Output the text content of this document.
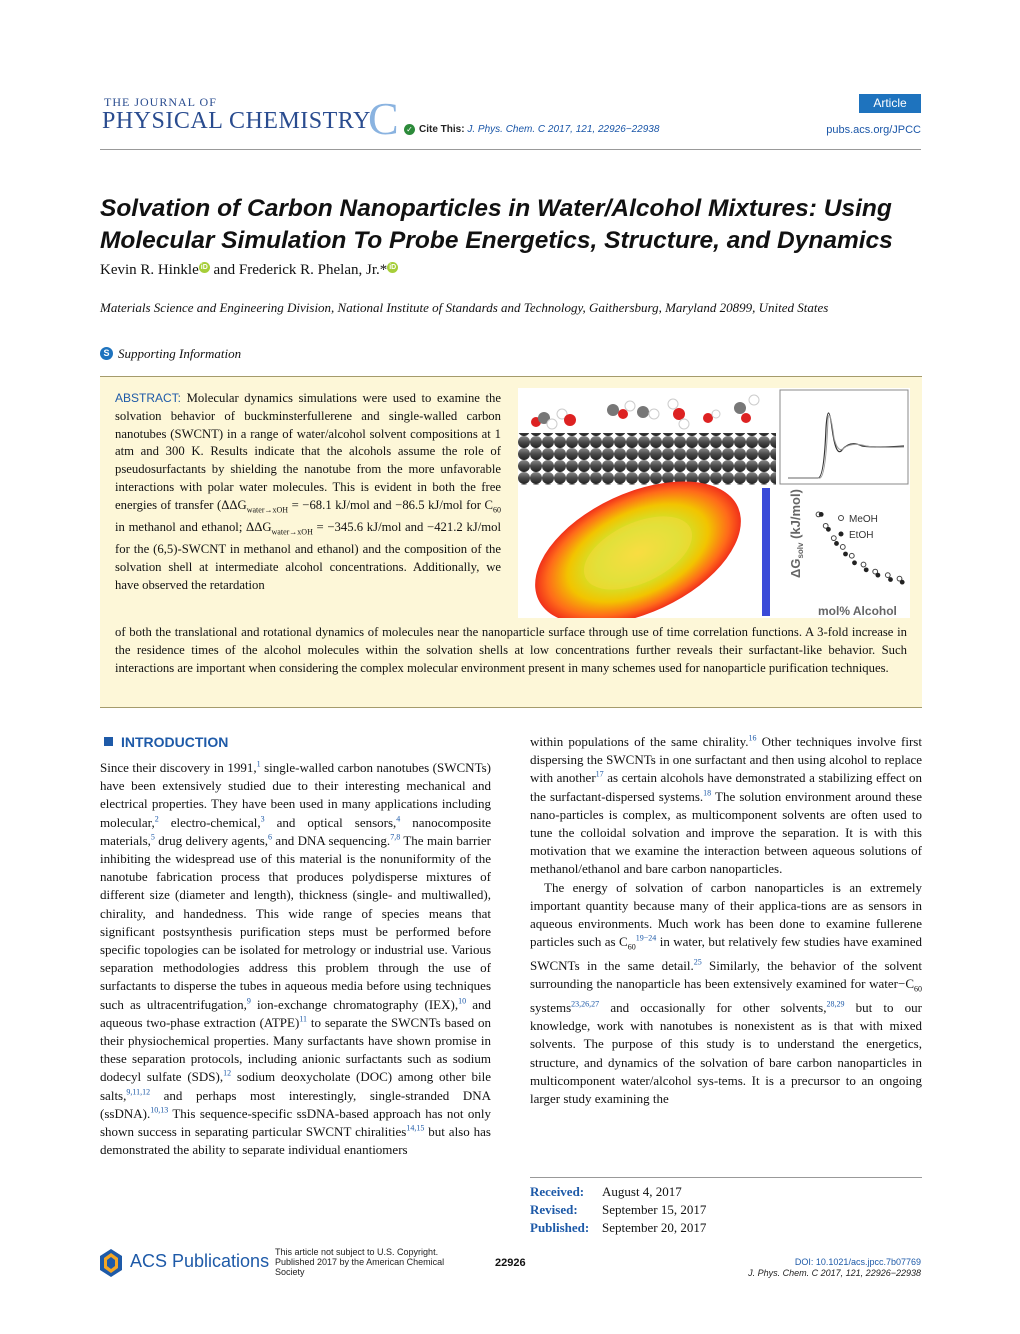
THE JOURNAL OF
PHYSICAL CHEMISTRY
C	Article
✓ Cite This: J. Phys. Chem. C 2017, 121, 22926−22938	pubs.acs.org/JPCC
Solvation of Carbon Nanoparticles in Water/Alcohol Mixtures: Using Molecular Simulation To Probe Energetics, Structure, and Dynamics
Kevin R. Hinkle iD and Frederick R. Phelan, Jr.* iD
Materials Science and Engineering Division, National Institute of Standards and Technology, Gaithersburg, Maryland 20899, United States
S Supporting Information
ABSTRACT: Molecular dynamics simulations were used to examine the solvation behavior of buckminsterfullerene and single-walled carbon nanotubes (SWCNT) in a range of water/alcohol solvent compositions at 1 atm and 300 K. Results indicate that the alcohols assume the role of pseudosurfactants by shielding the nanotube from the more unfavorable interactions with polar water molecules. This is evident in both the free energies of transfer ($\Delta\Delta G_{water\to xOH} = -68.1$ kJ/mol and −86.5 kJ/mol for $C_{60}$ in methanol and ethanol; $\Delta\Delta G_{water\to xOH} = -345.6$ kJ/mol and −421.2 kJ/mol for the (6,5)-SWCNT in methanol and ethanol) and the composition of the solvation shell at intermediate alcohol concentrations. Additionally, we have observed the retardation
of both the translational and rotational dynamics of molecules near the nanoparticle surface through use of time correlation functions. A 3-fold increase in the residence times of the alcohol molecules within the solvation shells at low concentrations further reveals their surfactant-like behavior. Such interactions are important when considering the complex molecular environment present in many schemes used for nanoparticle purification techniques.
$\Delta G_{solv}$ (kJ/mol)	MeOH
EtOH
mol% Alcohol
INTRODUCTION

Since their discovery in 1991,$^1$ single-walled carbon nanotubes (SWCNTs) have been extensively studied due to their interesting mechanical and electrical properties. They have been used in many applications including molecular,$^2$ electro-chemical,$^3$ and optical sensors,$^4$ nanocomposite materials,$^5$ drug delivery agents,$^6$ and DNA sequencing.$^{7,8}$ The main barrier inhibiting the widespread use of this material is the nonuniformity of the nanotube fabrication process that produces polydisperse mixtures of different size (diameter and length), thickness (single- and multiwalled), chirality, and handedness. This wide range of species means that significant postsynthesis purification steps must be performed before specific topologies can be isolated for metrology or industrial use. Various separation methodologies address this problem through the use of surfactants to disperse the tubes in aqueous media before using techniques such as ultracentrifugation,$^9$ ion-exchange chromatography (IEX),$^{10}$ and aqueous two-phase extraction (ATPE)$^{11}$ to separate the SWCNTs based on their physiochemical properties. Many surfactants have shown promise in these separation protocols, including anionic surfactants such as sodium dodecyl sulfate (SDS),$^{12}$ sodium deoxycholate (DOC) among other bile salts,$^{9,11,12}$ and perhaps most interestingly, single-stranded DNA (ssDNA).$^{10,13}$ This sequence-specific ssDNA-based approach has not only shown success in separating particular SWCNT chiralities$^{14,15}$ but also has demonstrated the ability to separate individual enantiomers

within populations of the same chirality.$^{16}$ Other techniques involve first dispersing the SWCNTs in one surfactant and then using alcohol to replace with another$^{17}$ as certain alcohols have demonstrated a stabilizing effect on the surfactant-dispersed systems.$^{18}$ The solution environment around these nano-particles is complex, as multicomponent solvents are often used to tune the colloidal solvation and improve the separation. It is with this motivation that we examine the interaction between aqueous solutions of methanol/ethanol and bare carbon nanoparticles.

The energy of solvation of carbon nanoparticles is an extremely important quantity because many of their applica-tions are as sensors in aqueous environments. Much work has been done to examine fullerene particles such as $C_{60}^{19-24}$ in water, but relatively few studies have examined SWCNTs in the same detail.$^{25}$ Similarly, the behavior of the solvent surrounding the nanoparticle has been extensively examined for $water-C_{60}$ systems$^{23,26,27}$ and occasionally for other solvents,$^{28,29}$ but to our knowledge, work with nanotubes is nonexistent as is that with mixed solvents. The purpose of this study is to understand the energetics, structure, and dynamics of the solvation of bare carbon nanoparticles in multicomponent water/alcohol sys-tems. It is a precursor to an ongoing larger study examining the

Received: August 4, 2017
Revised: September 15, 2017
Published: September 20, 2017
ACS Publications This article not subject to U.S. Copyright.
Published 2017 by the American Chemical
Society
22926	DOI: 10.1021/acs.jpcc.7b07769
J. Phys. Chem. C 2017, 121, 22926−22938
